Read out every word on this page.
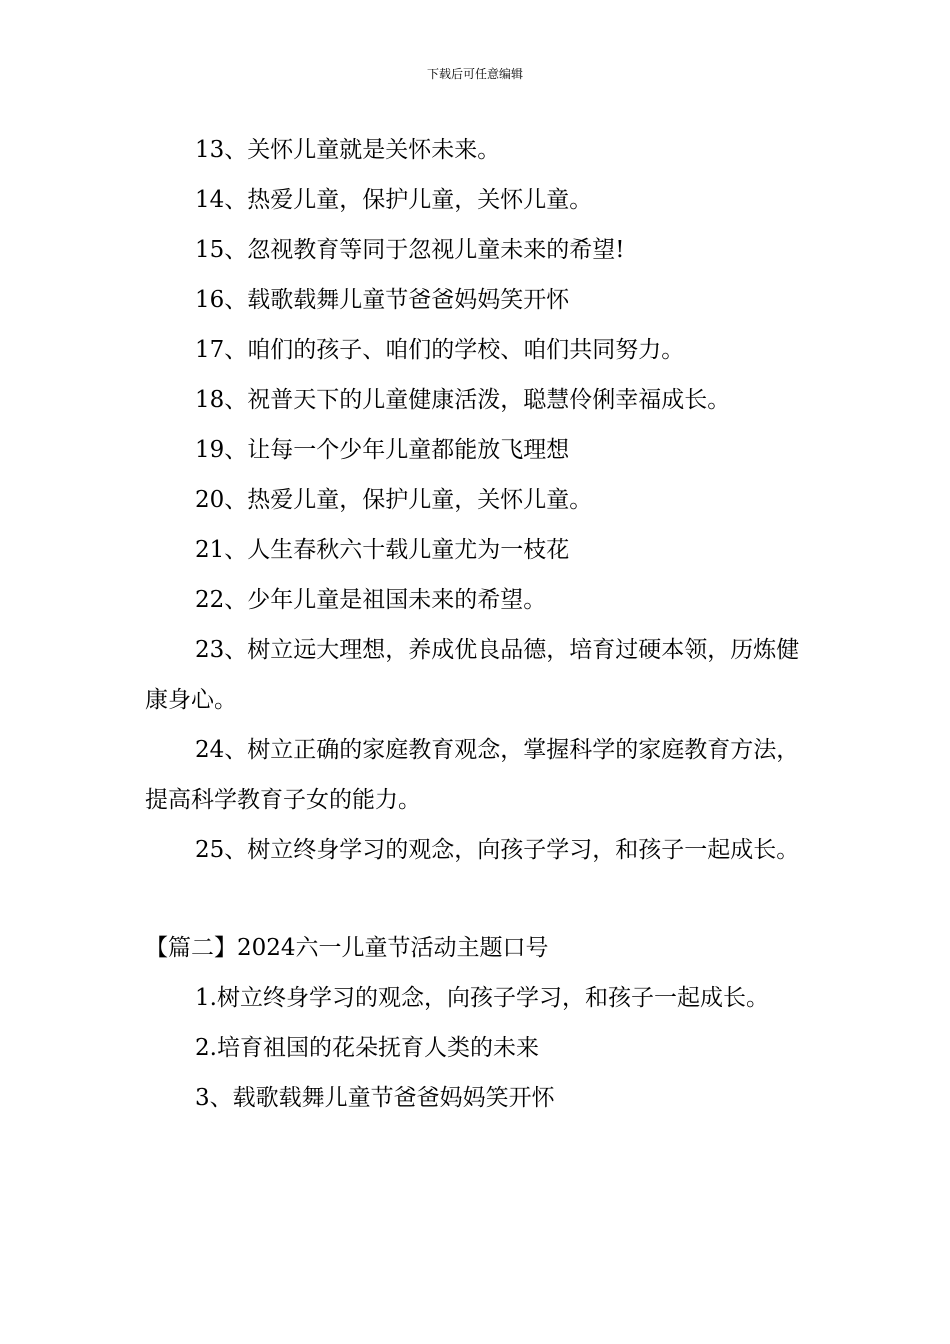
下载后可任意编辑

13、关怀儿童就是关怀未来。

14、热爱儿童，保护儿童，关怀儿童。

15、忽视教育等同于忽视儿童未来的希望!

16、载歌载舞儿童节爸爸妈妈笑开怀

17、咱们的孩子、咱们的学校、咱们共同努力。

18、祝普天下的儿童健康活泼，聪慧伶俐幸福成长。

19、让每一个少年儿童都能放飞理想

20、热爱儿童，保护儿童，关怀儿童。

21、人生春秋六十载儿童尤为一枝花

22、少年儿童是祖国未来的希望。

23、树立远大理想，养成优良品德，培育过硬本领，历炼健康身心。

24、树立正确的家庭教育观念，掌握科学的家庭教育方法，提高科学教育子女的能力。

25、树立终身学习的观念，向孩子学习，和孩子一起成长。

【篇二】2024六一儿童节活动主题口号

1.树立终身学习的观念，向孩子学习，和孩子一起成长。

2.培育祖国的花朵抚育人类的未来

3、载歌载舞儿童节爸爸妈妈笑开怀
